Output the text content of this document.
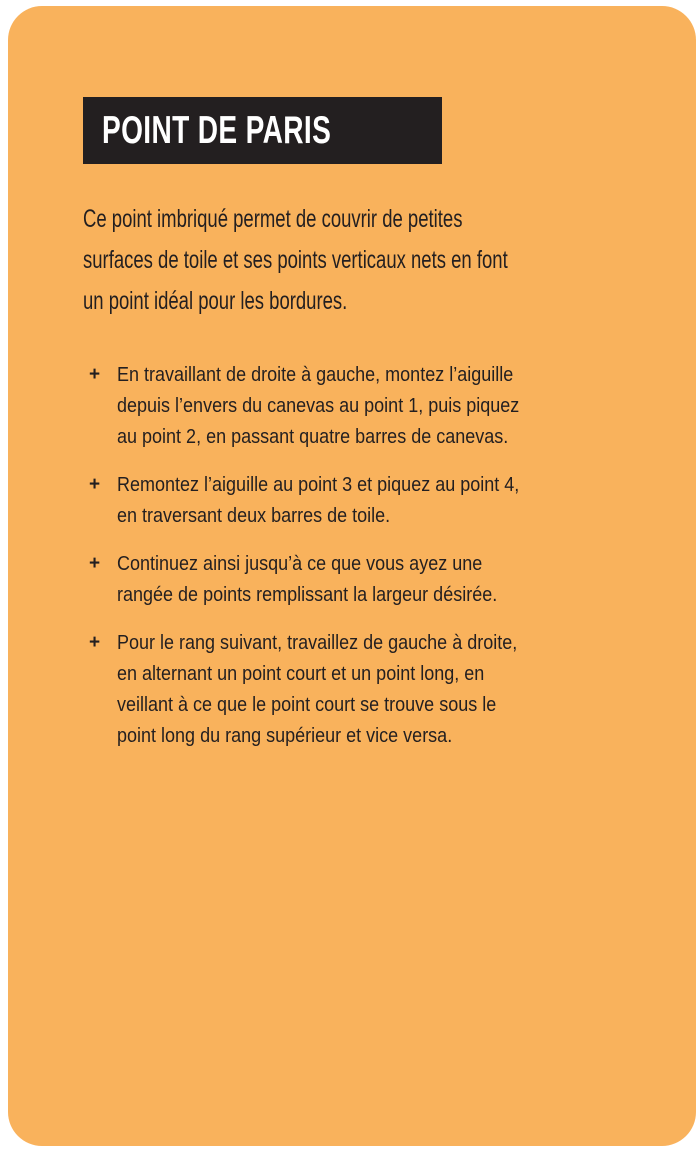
POINT DE PARIS
Ce point imbriqué permet de couvrir de petites
surfaces de toile et ses points verticaux nets en font
un point idéal pour les bordures.
+ En travaillant de droite à gauche, montez l’aiguille
depuis l’envers du canevas au point 1, puis piquez
au point 2, en passant quatre barres de canevas.
+ Remontez l’aiguille au point 3 et piquez au point 4,
en traversant deux barres de toile.
+ Continuez ainsi jusqu’à ce que vous ayez une
rangée de points remplissant la largeur désirée.
+ Pour le rang suivant, travaillez de gauche à droite,
en alternant un point court et un point long, en
veillant à ce que le point court se trouve sous le
point long du rang supérieur et vice versa.
